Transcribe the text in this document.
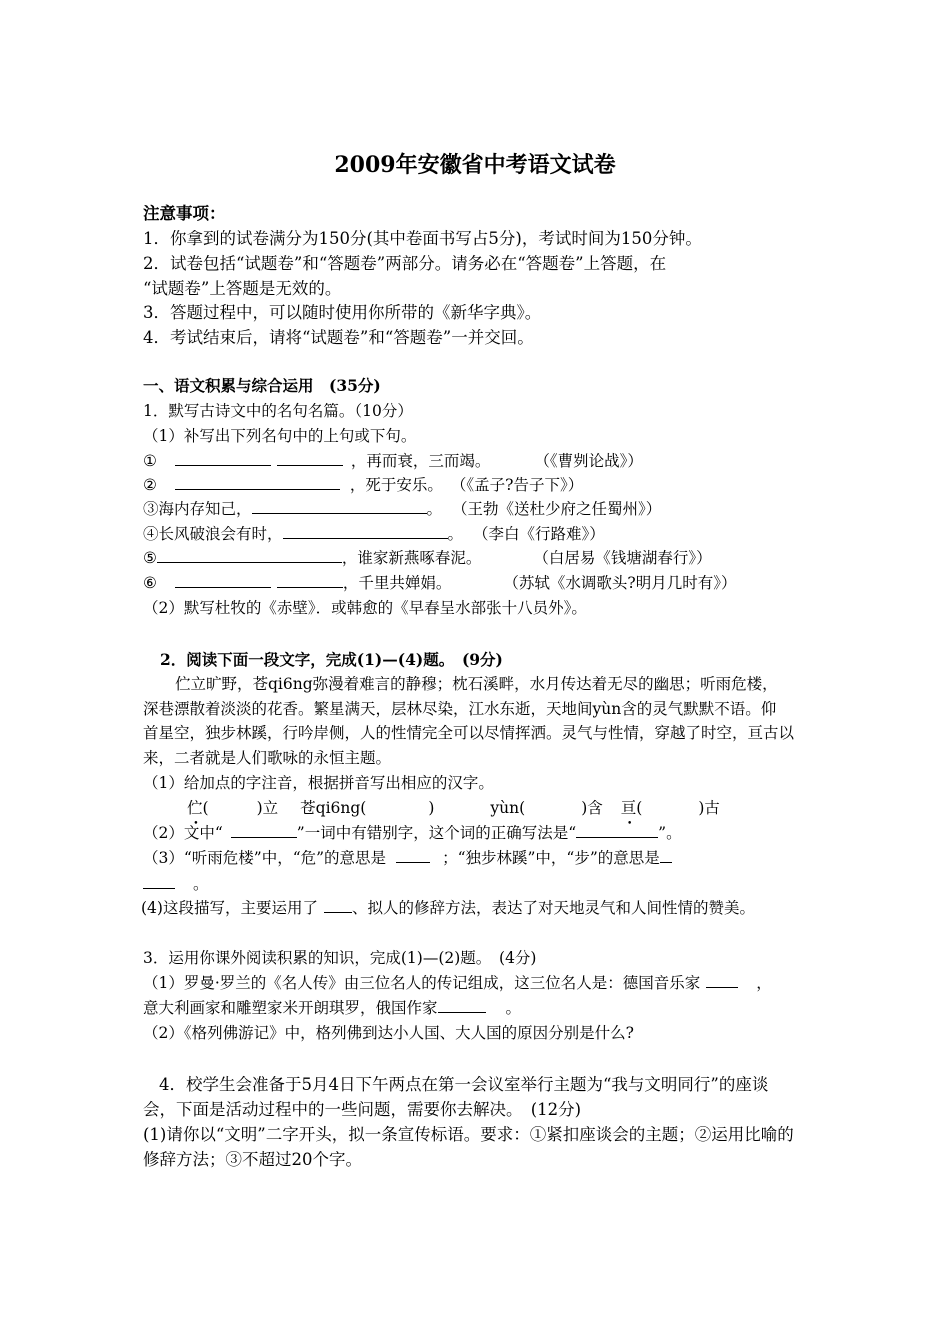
2009年安徽省中考语文试卷
注意事项：
1．你拿到的试卷满分为150分(其中卷面书写占5分)，考试时间为150分钟。
2．试卷包括“试题卷”和“答题卷”两部分。请务必在“答题卷”上答题，在
“试题卷”上答题是无效的。
3．答题过程中，可以随时使用你所带的《新华字典》。
4．考试结束后，请将“试题卷”和“答题卷”一并交回。
一、语文积累与综合运用　(35分)
1．默写古诗文中的名句名篇。（10分）
（1）补写出下列名句中的上句或下句。
①	，再而衰，三而竭。	（《曹刿论战》）
②	，死于安乐。 （《孟子?告子下》）
③海内存知己，	。 （王勃《送杜少府之任蜀州》）
④长风破浪会有时，	。 （李白《行路难》）
⑤	，谁家新燕啄春泥。	（白居易《钱塘湖春行》）
⑥	，千里共婵娟。	（苏轼《水调歌头?明月几时有》）
（2）默写杜牧的《赤壁》．或韩愈的《早春呈水部张十八员外》。
2．阅读下面一段文字，完成(1)—(4)题。　(9分)
伫立旷野，苍qi6ng弥漫着难言的静穆；枕石溪畔，水月传达着无尽的幽思；听雨危楼，
深巷漂散着淡淡的花香。繁星满天，层林尽染，江水东逝，天地间yùn含的灵气默默不语。仰
首星空，独步林蹊，行吟岸侧，人的性情完全可以尽情挥洒。灵气与性情，穿越了时空，亘古以
来，二者就是人们歌咏的永恒主题。
（1）给加点的字注音，根据拼音写出相应的汉字。
伫(	)立 苍qi6ng(	)	yùn(	)含 亘(	)古
（2）文中“	”一词中有错别字，这个词的正确写法是“	”。
（3）“听雨危楼”中，“危”的意思是	；“独步林蹊”中，“步”的意思是
。
(4)这段描写，主要运用了 、拟人的修辞方法，表达了对天地灵气和人间性情的赞美。
3．运用你课外阅读积累的知识，完成(1)—(2)题。　(4分)
（1）罗曼·罗兰的《名人传》由三位名人的传记组成，这三位名人是：德国音乐家	，
意大利画家和雕塑家米开朗琪罗，俄国作家	。
（2）《格列佛游记》中，格列佛到达小人国、大人国的原因分别是什么?
4．校学生会准备于5月4日下午两点在第一会议室举行主题为“我与文明同行”的座谈
会，下面是活动过程中的一些问题，需要你去解决。　(12分)
(1)请你以“文明”二字开头，拟一条宣传标语。要求：①紧扣座谈会的主题；②运用比喻的
修辞方法；③不超过20个字。
